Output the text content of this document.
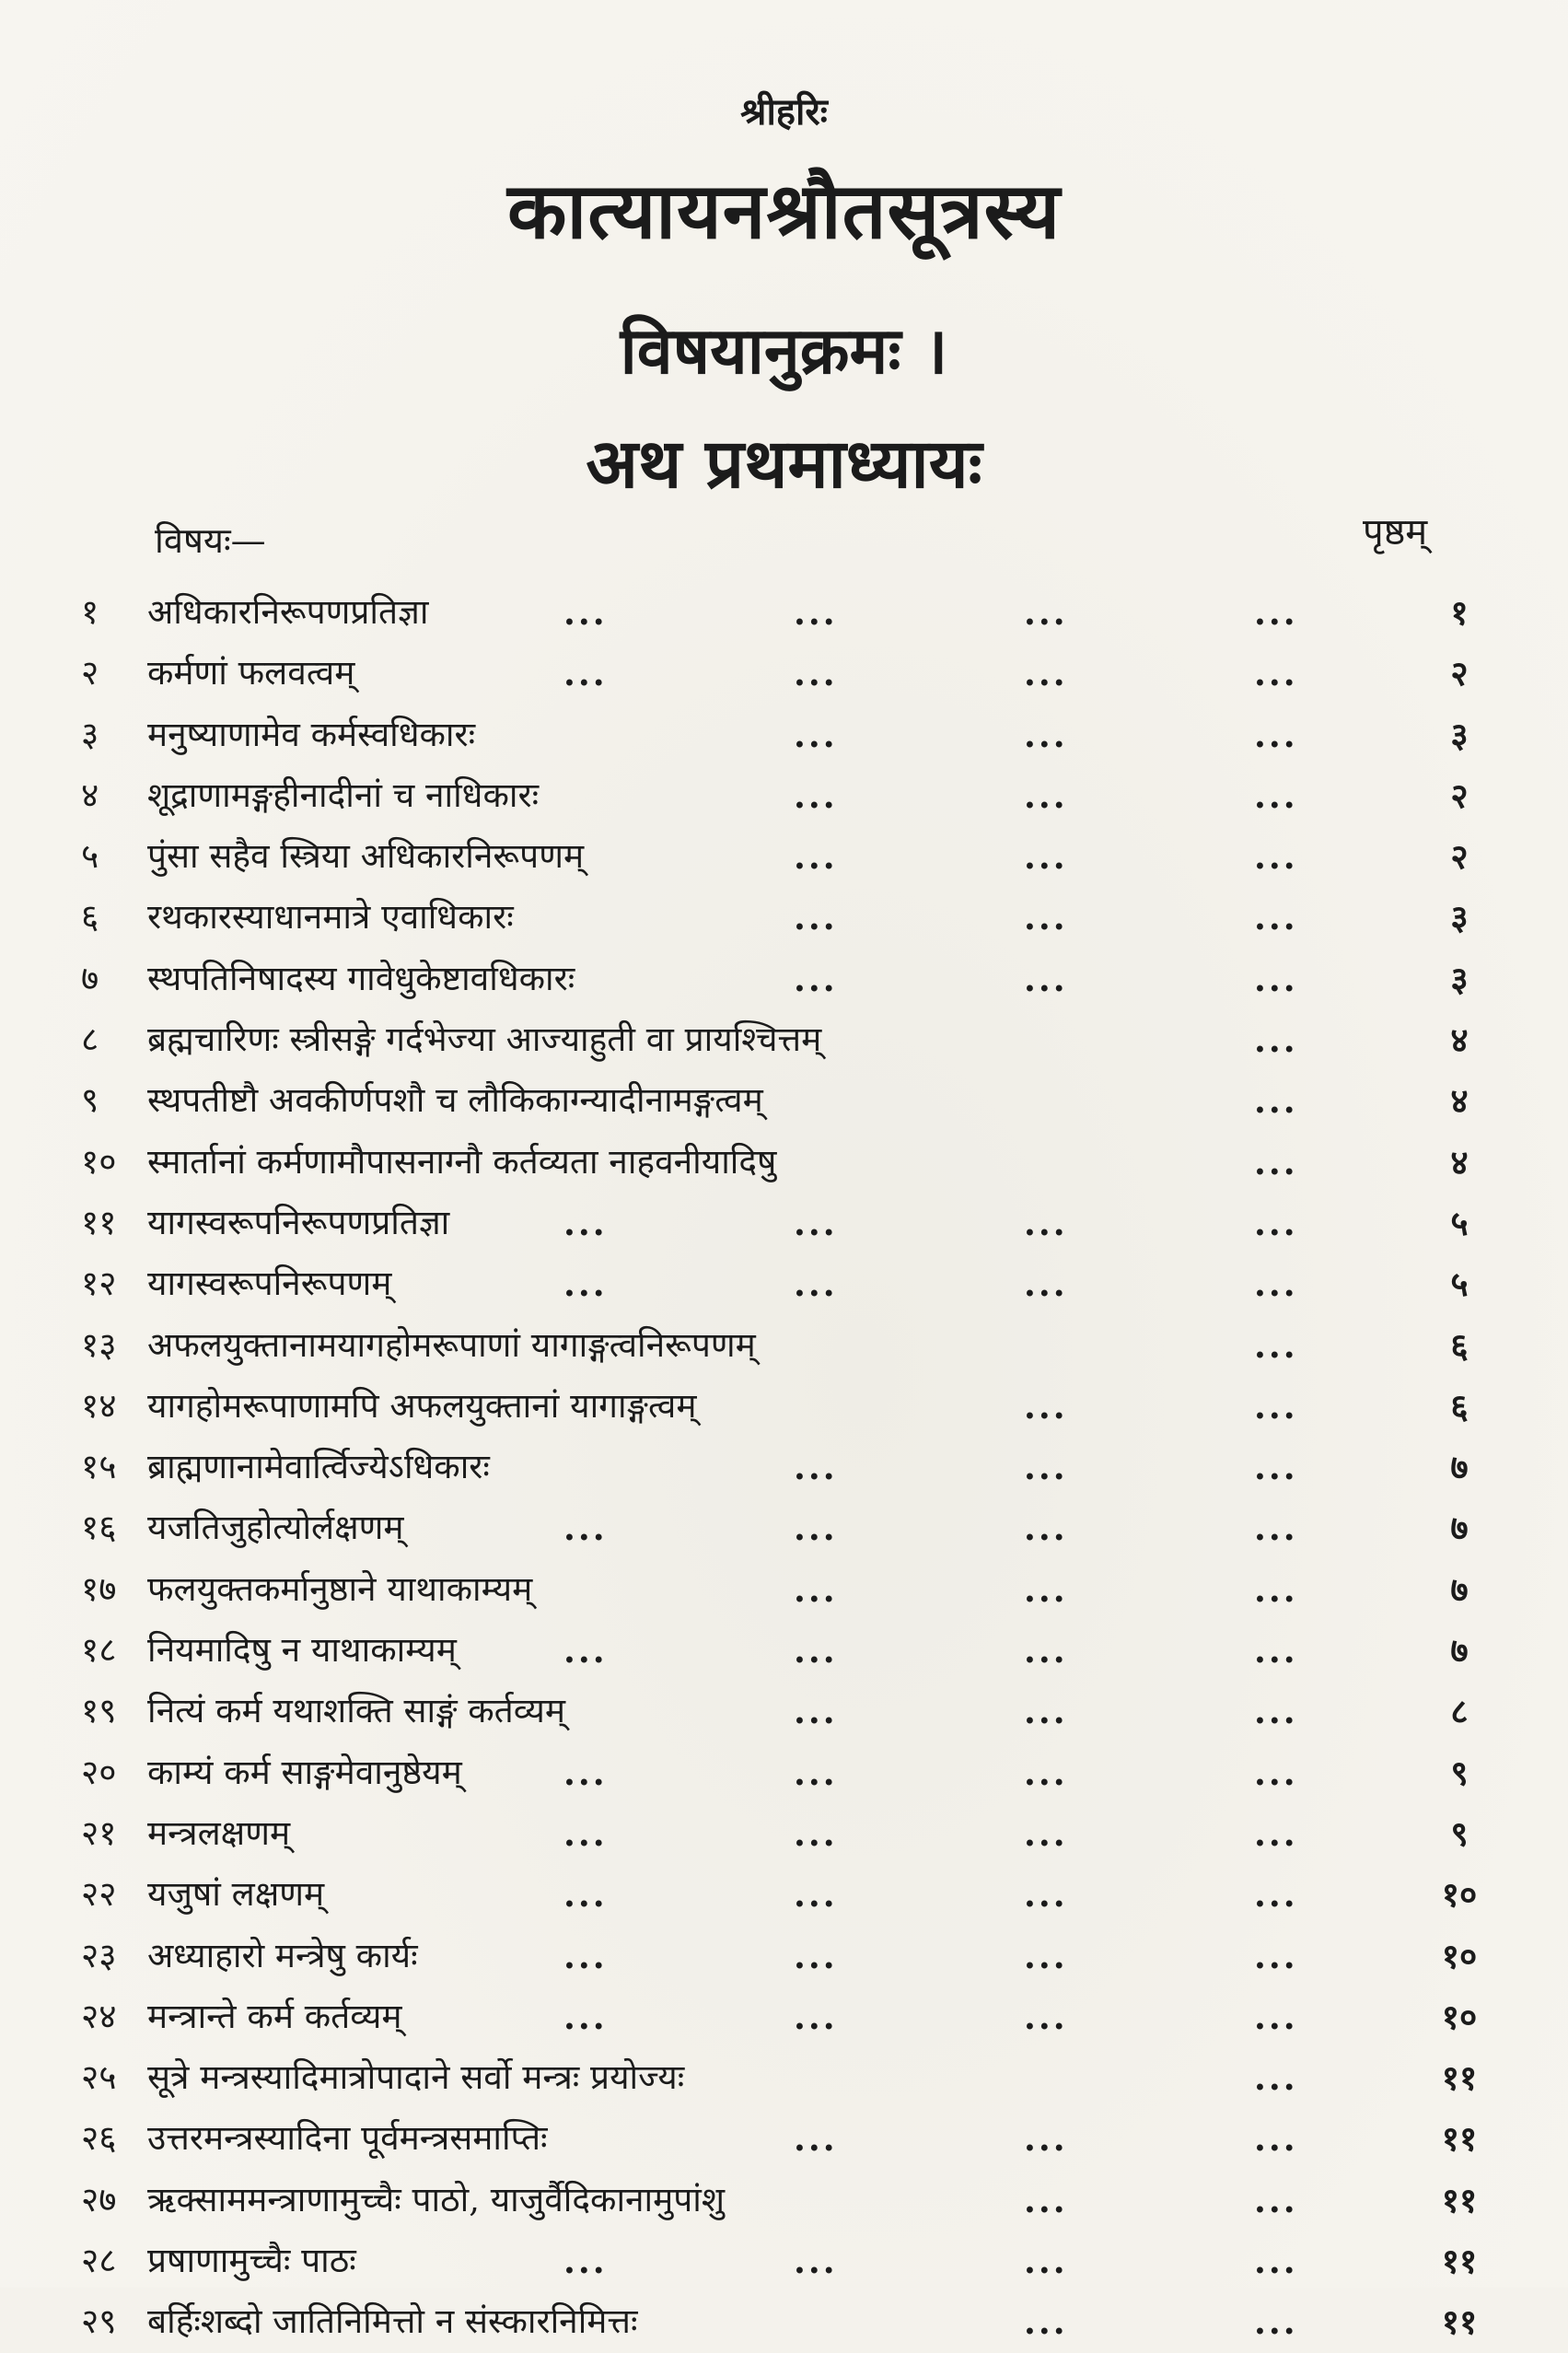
श्रीहरिः
कात्यायनश्रौतसूत्रस्य
विषयानुक्रमः ।
अथ प्रथमाध्यायः
विषयः—	पृष्ठम्
१	अधिकारनिरूपणप्रतिज्ञा	...	...	...	...	१
२	कर्मणां फलवत्वम्	...	...	...	...	२
३	मनुष्याणामेव कर्मस्वधिकारः	...	...	...	३
४	शूद्राणामङ्गहीनादीनां च नाधिकारः	...	...	...	२
५	पुंसा सहैव स्त्रिया अधिकारनिरूपणम्	...	...	...	२
६	रथकारस्याधानमात्रे एवाधिकारः	...	...	...	३
७	स्थपतिनिषादस्य गावेधुकेष्टावधिकारः	...	...	...	३
८	ब्रह्मचारिणः स्त्रीसङ्गे गर्दभेज्या आज्याहुती वा प्रायश्चित्तम्	...	४
९	स्थपतीष्टौ अवकीर्णपशौ च लौकिकाग्न्यादीनामङ्गत्वम्	...	४
१० स्मार्तानां कर्मणामौपासनाग्नौ कर्तव्यता नाहवनीयादिषु	...	४
११ यागस्वरूपनिरूपणप्रतिज्ञा	...	...	...	...	५
१२ यागस्वरूपनिरूपणम्	...	...	...	...	५
१३ अफलयुक्तानामयागहोमरूपाणां यागाङ्गत्वनिरूपणम्	...	६
१४ यागहोमरूपाणामपि अफलयुक्तानां यागाङ्गत्वम्	...	...	६
१५ ब्राह्मणानामेवार्त्विज्येऽधिकारः	...	...	...	७
१६ यजतिजुहोत्योर्लक्षणम्	...	...	...	...	७
१७ फलयुक्तकर्मानुष्ठाने याथाकाम्यम्	...	...	...	७
१८ नियमादिषु न याथाकाम्यम्	...	...	...	...	७
१९ नित्यं कर्म यथाशक्ति साङ्गं कर्तव्यम्	...	...	...	८
२० काम्यं कर्म साङ्गमेवानुष्ठेयम्	...	...	...	...	९
२१ मन्त्रलक्षणम्	...	...	...	...	९
२२ यजुषां लक्षणम्	...	...	...	...	१०
२३ अध्याहारो मन्त्रेषु कार्यः	...	...	...	...	१०
२४ मन्त्रान्ते कर्म कर्तव्यम्	...	...	...	...	१०
२५ सूत्रे मन्त्रस्यादिमात्रोपादाने सर्वो मन्त्रः प्रयोज्यः	...	११
२६ उत्तरमन्त्रस्यादिना पूर्वमन्त्रसमाप्तिः	...	...	...	११
२७ ऋक्साममन्त्राणामुच्चैः पाठो, याजुर्वैदिकानामुपांशु	...	...	११
२८ प्रषाणामुच्चैः पाठः	...	...	...	...	११
२९ बर्हिःशब्दो जातिनिमित्तो न संस्कारनिमित्तः	...	...	११
